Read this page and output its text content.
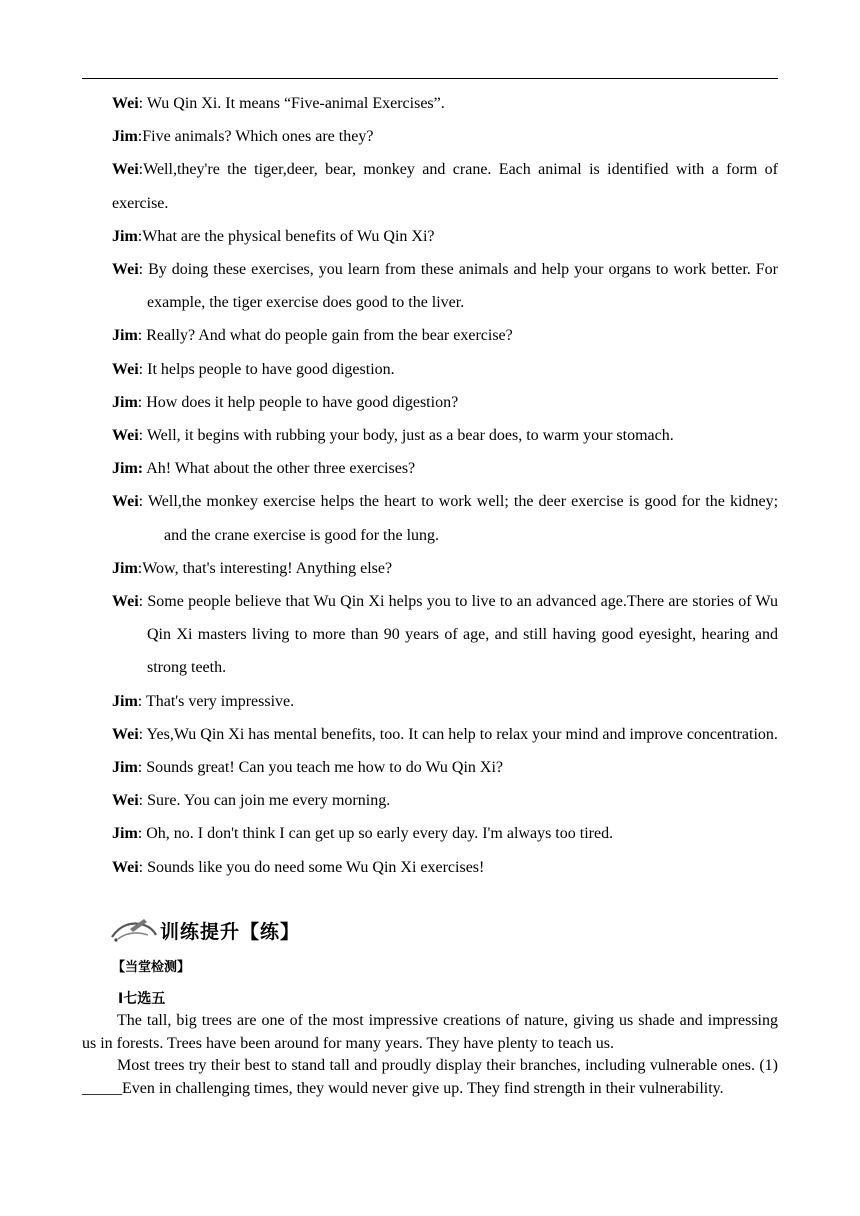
Wei: Wu Qin Xi. It means “Five-animal Exercises”.
Jim:Five animals? Which ones are they?
Wei:Well,they're the tiger,deer, bear, monkey and crane. Each animal is identified with a form of exercise.
Jim:What are the physical benefits of Wu Qin Xi?
Wei: By doing these exercises, you learn from these animals and help your organs to work better. For example, the tiger exercise does good to the liver.
Jim: Really? And what do people gain from the bear exercise?
Wei: It helps people to have good digestion.
Jim: How does it help people to have good digestion?
Wei: Well, it begins with rubbing your body, just as a bear does, to warm your stomach.
Jim: Ah! What about the other three exercises?
Wei: Well,the monkey exercise helps the heart to work well; the deer exercise is good for the kidney; and the crane exercise is good for the lung.
Jim:Wow, that's interesting! Anything else?
Wei: Some people believe that Wu Qin Xi helps you to live to an advanced age.There are stories of Wu Qin Xi masters living to more than 90 years of age, and still having good eyesight, hearing and strong teeth.
Jim: That's very impressive.
Wei: Yes,Wu Qin Xi has mental benefits, too. It can help to relax your mind and improve concentration.
Jim: Sounds great! Can you teach me how to do Wu Qin Xi?
Wei: Sure. You can join me every morning.
Jim: Oh, no. I don't think I can get up so early every day. I'm always too tired.
Wei: Sounds like you do need some Wu Qin Xi exercises!
训练提升【练】
【当堂检测】
Ⅰ七选五

The tall, big trees are one of the most impressive creations of nature, giving us shade and impressing us in forests. Trees have been around for many years. They have plenty to teach us.

Most trees try their best to stand tall and proudly display their branches, including vulnerable ones. (1) _____Even in challenging times, they would never give up. They find strength in their vulnerability.
